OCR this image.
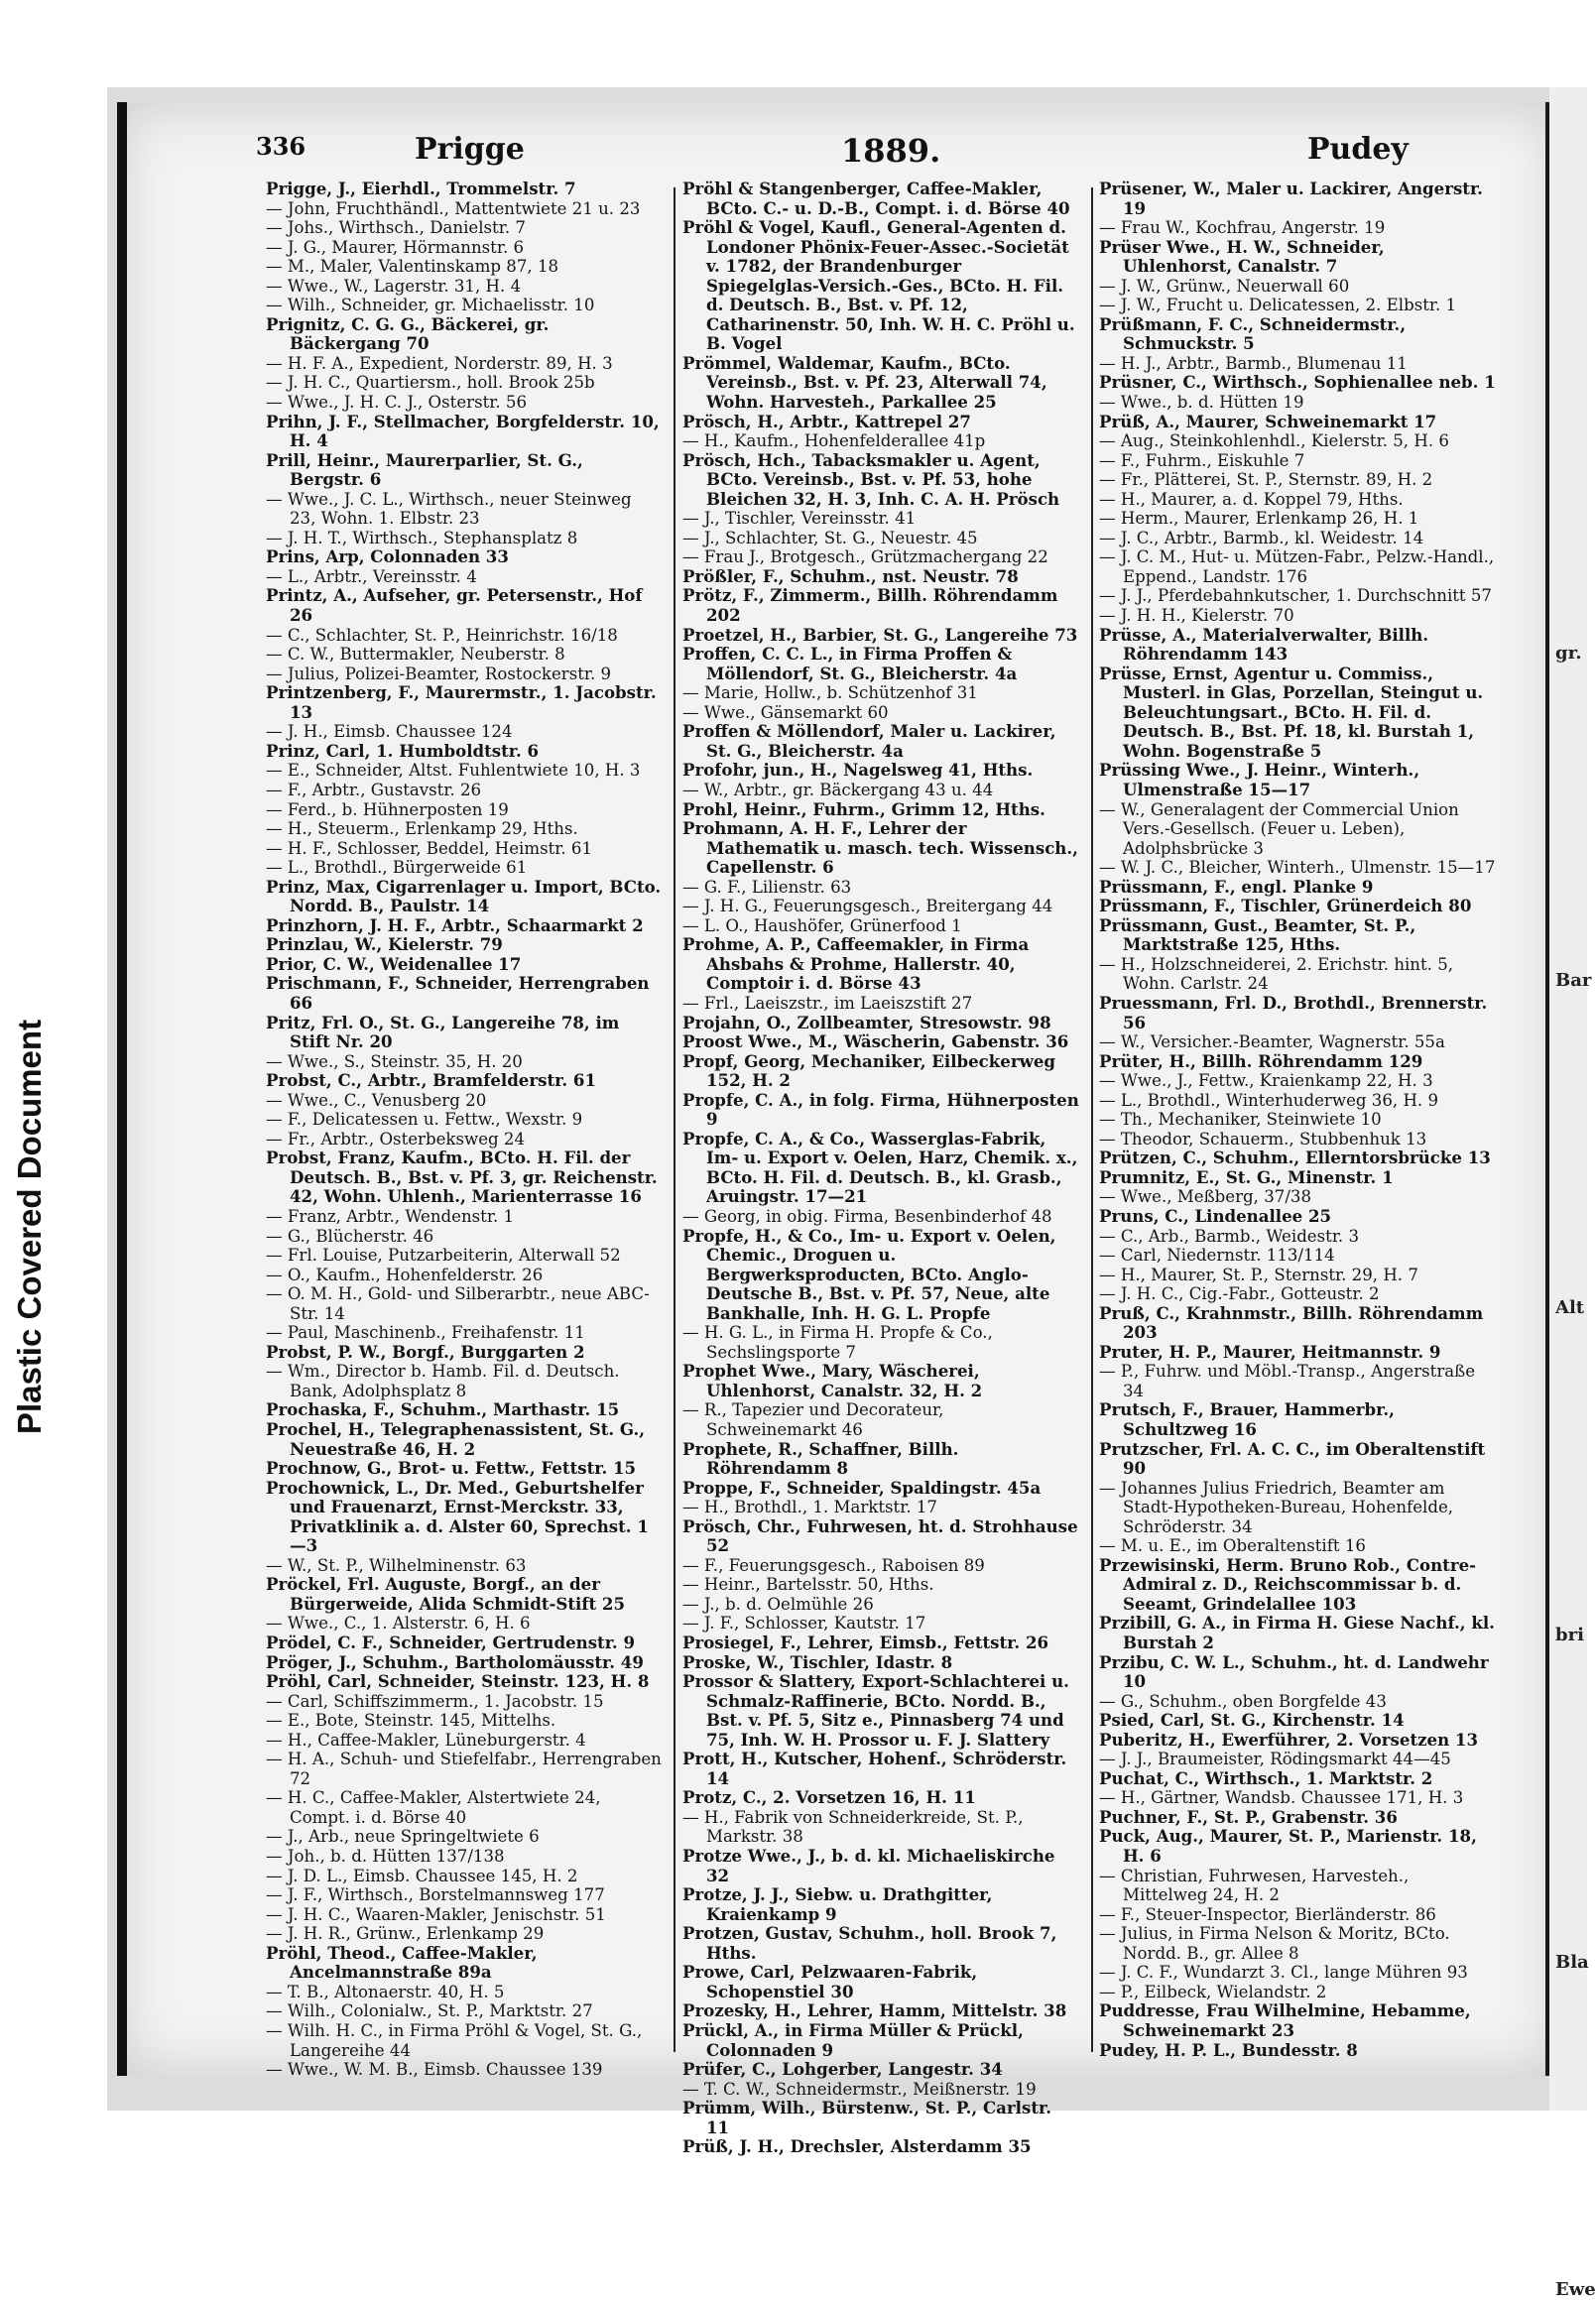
Plastic Covered Document
336	Prigge	1889.	Pudey

Prigge, J., Eierhdl., Trommelstr. 7

— John, Fruchthändl., Mattentwiete 21 u. 23

— Johs., Wirthsch., Danielstr. 7

— J. G., Maurer, Hörmannstr. 6

— M., Maler, Valentinskamp 87, 18

— Wwe., W., Lagerstr. 31, H. 4

— Wilh., Schneider, gr. Michaelisstr. 10

Prignitz, C. G. G., Bäckerei, gr. Bäckergang 70

— H. F. A., Expedient, Norderstr. 89, H. 3

— J. H. C., Quartiersm., holl. Brook 25b

— Wwe., J. H. C. J., Osterstr. 56

Prihn, J. F., Stellmacher, Borgfelderstr. 10, H. 4

Prill, Heinr., Maurerparlier, St. G., Bergstr. 6

— Wwe., J. C. L., Wirthsch., neuer Steinweg 23, Wohn. 1. Elbstr. 23

— J. H. T., Wirthsch., Stephansplatz 8

Prins, Arp, Colonnaden 33

— L., Arbtr., Vereinsstr. 4

Printz, A., Aufseher, gr. Petersenstr., Hof 26

— C., Schlachter, St. P., Heinrichstr. 16/18

— C. W., Buttermakler, Neuberstr. 8

— Julius, Polizei-Beamter, Rostockerstr. 9

Printzenberg, F., Maurermstr., 1. Jacobstr. 13

— J. H., Eimsb. Chaussee 124

Prinz, Carl, 1. Humboldtstr. 6

— E., Schneider, Altst. Fuhlentwiete 10, H. 3

— F., Arbtr., Gustavstr. 26

— Ferd., b. Hühnerposten 19

— H., Steuerm., Erlenkamp 29, Hths.

— H. F., Schlosser, Beddel, Heimstr. 61

— L., Brothdl., Bürgerweide 61

Prinz, Max, Cigarrenlager u. Import, BCto. Nordd. B., Paulstr. 14

Prinzhorn, J. H. F., Arbtr., Schaarmarkt 2

Prinzlau, W., Kielerstr. 79

Prior, C. W., Weidenallee 17

Prischmann, F., Schneider, Herrengraben 66

Pritz, Frl. O., St. G., Langereihe 78, im Stift Nr. 20

— Wwe., S., Steinstr. 35, H. 20

Probst, C., Arbtr., Bramfelderstr. 61

— Wwe., C., Venusberg 20

— F., Delicatessen u. Fettw., Wexstr. 9

— Fr., Arbtr., Osterbeksweg 24

Probst, Franz, Kaufm., BCto. H. Fil. der Deutsch. B., Bst. v. Pf. 3, gr. Reichenstr. 42, Wohn. Uhlenh., Marienterrasse 16

— Franz, Arbtr., Wendenstr. 1

— G., Blücherstr. 46

— Frl. Louise, Putzarbeiterin, Alterwall 52

— O., Kaufm., Hohenfelderstr. 26

— O. M. H., Gold- und Silberarbtr., neue ABC-Str. 14

— Paul, Maschinenb., Freihafenstr. 11

Probst, P. W., Borgf., Burggarten 2

— Wm., Director b. Hamb. Fil. d. Deutsch. Bank, Adolphsplatz 8

Prochaska, F., Schuhm., Marthastr. 15

Prochel, H., Telegraphenassistent, St. G., Neuestraße 46, H. 2

Prochnow, G., Brot- u. Fettw., Fettstr. 15

Prochownick, L., Dr. Med., Geburtshelfer und Frauenarzt, Ernst-Merckstr. 33, Privatklinik a. d. Alster 60, Sprechst. 1—3

— W., St. P., Wilhelminenstr. 63

Pröckel, Frl. Auguste, Borgf., an der Bürgerweide, Alida Schmidt-Stift 25

— Wwe., C., 1. Alsterstr. 6, H. 6

Prödel, C. F., Schneider, Gertrudenstr. 9

Pröger, J., Schuhm., Bartholomäusstr. 49

Pröhl, Carl, Schneider, Steinstr. 123, H. 8

— Carl, Schiffszimmerm., 1. Jacobstr. 15

— E., Bote, Steinstr. 145, Mittelhs.

— H., Caffee-Makler, Lüneburgerstr. 4

— H. A., Schuh- und Stiefelfabr., Herrengraben 72

— H. C., Caffee-Makler, Alstertwiete 24, Compt. i. d. Börse 40

— J., Arb., neue Springeltwiete 6

— Joh., b. d. Hütten 137/138

— J. D. L., Eimsb. Chaussee 145, H. 2

— J. F., Wirthsch., Borstelmannsweg 177

— J. H. C., Waaren-Makler, Jenischstr. 51

— J. H. R., Grünw., Erlenkamp 29

Pröhl, Theod., Caffee-Makler, Ancelmannstraße 89a

— T. B., Altonaerstr. 40, H. 5

— Wilh., Colonialw., St. P., Marktstr. 27

— Wilh. H. C., in Firma Pröhl & Vogel, St. G., Langereihe 44

— Wwe., W. M. B., Eimsb. Chaussee 139

Pröhl & Stangenberger, Caffee-Makler, BCto. C.- u. D.-B., Compt. i. d. Börse 40

Pröhl & Vogel, Kaufl., General-Agenten d. Londoner Phönix-Feuer-Assec.-Societät v. 1782, der Brandenburger Spiegelglas-Versich.-Ges., BCto. H. Fil. d. Deutsch. B., Bst. v. Pf. 12, Catharinenstr. 50, Inh. W. H. C. Pröhl u. B. Vogel

Prömmel, Waldemar, Kaufm., BCto. Vereinsb., Bst. v. Pf. 23, Alterwall 74, Wohn. Harvesteh., Parkallee 25

Prösch, H., Arbtr., Kattrepel 27

— H., Kaufm., Hohenfelderallee 41p

Prösch, Hch., Tabacksmakler u. Agent, BCto. Vereinsb., Bst. v. Pf. 53, hohe Bleichen 32, H. 3, Inh. C. A. H. Prösch

— J., Tischler, Vereinsstr. 41

— J., Schlachter, St. G., Neuestr. 45

— Frau J., Brotgesch., Grützmachergang 22

Prößler, F., Schuhm., nst. Neustr. 78

Prötz, F., Zimmerm., Billh. Röhrendamm 202

Proetzel, H., Barbier, St. G., Langereihe 73

Proffen, C. C. L., in Firma Proffen & Möllendorf, St. G., Bleicherstr. 4a

— Marie, Hollw., b. Schützenhof 31

— Wwe., Gänsemarkt 60

Proffen & Möllendorf, Maler u. Lackirer, St. G., Bleicherstr. 4a

Profohr, jun., H., Nagelsweg 41, Hths.

— W., Arbtr., gr. Bäckergang 43 u. 44

Prohl, Heinr., Fuhrm., Grimm 12, Hths.

Prohmann, A. H. F., Lehrer der Mathematik u. masch. tech. Wissensch., Capellenstr. 6

— G. F., Lilienstr. 63

— J. H. G., Feuerungsgesch., Breitergang 44

— L. O., Haushöfer, Grünerfood 1

Prohme, A. P., Caffeemakler, in Firma Ahsbahs & Prohme, Hallerstr. 40, Comptoir i. d. Börse 43

— Frl., Laeiszstr., im Laeiszstift 27

Projahn, O., Zollbeamter, Stresowstr. 98

Proost Wwe., M., Wäscherin, Gabenstr. 36

Propf, Georg, Mechaniker, Eilbeckerweg 152, H. 2

Propfe, C. A., in folg. Firma, Hühnerposten 9

Propfe, C. A., & Co., Wasserglas-Fabrik, Im- u. Export v. Oelen, Harz, Chemik. x., BCto. H. Fil. d. Deutsch. B., kl. Grasb., Aruingstr. 17—21

— Georg, in obig. Firma, Besenbinderhof 48

Propfe, H., & Co., Im- u. Export v. Oelen, Chemic., Droguen u. Bergwerksproducten, BCto. Anglo-Deutsche B., Bst. v. Pf. 57, Neue, alte Bankhalle, Inh. H. G. L. Propfe

— H. G. L., in Firma H. Propfe & Co., Sechslingsporte 7

Prophet Wwe., Mary, Wäscherei, Uhlenhorst, Canalstr. 32, H. 2

— R., Tapezier und Decorateur, Schweinemarkt 46

Prophete, R., Schaffner, Billh. Röhrendamm 8

Proppe, F., Schneider, Spaldingstr. 45a

— H., Brothdl., 1. Marktstr. 17

Prösch, Chr., Fuhrwesen, ht. d. Strohhause 52

— F., Feuerungsgesch., Raboisen 89

— Heinr., Bartelsstr. 50, Hths.

— J., b. d. Oelmühle 26

— J. F., Schlosser, Kautstr. 17

Prosiegel, F., Lehrer, Eimsb., Fettstr. 26

Proske, W., Tischler, Idastr. 8

Prossor & Slattery, Export-Schlachterei u. Schmalz-Raffinerie, BCto. Nordd. B., Bst. v. Pf. 5, Sitz e., Pinnasberg 74 und 75, Inh. W. H. Prossor u. F. J. Slattery

Prott, H., Kutscher, Hohenf., Schröderstr. 14

Protz, C., 2. Vorsetzen 16, H. 11

— H., Fabrik von Schneiderkreide, St. P., Markstr. 38

Protze Wwe., J., b. d. kl. Michaeliskirche 32

Protze, J. J., Siebw. u. Drathgitter, Kraienkamp 9

Protzen, Gustav, Schuhm., holl. Brook 7, Hths.

Prowe, Carl, Pelzwaaren-Fabrik, Schopenstiel 30

Prozesky, H., Lehrer, Hamm, Mittelstr. 38

Prückl, A., in Firma Müller & Prückl, Colonnaden 9

Prüfer, C., Lohgerber, Langestr. 34

— T. C. W., Schneidermstr., Meißnerstr. 19

Prümm, Wilh., Bürstenw., St. P., Carlstr. 11

Prüß, J. H., Drechsler, Alsterdamm 35

Prüsener, W., Maler u. Lackirer, Angerstr. 19

— Frau W., Kochfrau, Angerstr. 19

Prüser Wwe., H. W., Schneider, Uhlenhorst, Canalstr. 7

— J. W., Grünw., Neuerwall 60

— J. W., Frucht u. Delicatessen, 2. Elbstr. 1

Prüßmann, F. C., Schneidermstr., Schmuckstr. 5

— H. J., Arbtr., Barmb., Blumenau 11

Prüsner, C., Wirthsch., Sophienallee neb. 1

— Wwe., b. d. Hütten 19

Prüß, A., Maurer, Schweinemarkt 17

— Aug., Steinkohlenhdl., Kielerstr. 5, H. 6

— F., Fuhrm., Eiskuhle 7

— Fr., Plätterei, St. P., Sternstr. 89, H. 2

— H., Maurer, a. d. Koppel 79, Hths.

— Herm., Maurer, Erlenkamp 26, H. 1

— J. C., Arbtr., Barmb., kl. Weidestr. 14

— J. C. M., Hut- u. Mützen-Fabr., Pelzw.-Handl., Eppend., Landstr. 176

— J. J., Pferdebahnkutscher, 1. Durchschnitt 57

— J. H. H., Kielerstr. 70

Prüsse, A., Materialverwalter, Billh. Röhrendamm 143

Prüsse, Ernst, Agentur u. Commiss., Musterl. in Glas, Porzellan, Steingut u. Beleuchtungsart., BCto. H. Fil. d. Deutsch. B., Bst. Pf. 18, kl. Burstah 1, Wohn. Bogenstraße 5

Prüssing Wwe., J. Heinr., Winterh., Ulmenstraße 15—17

— W., Generalagent der Commercial Union Vers.-Gesellsch. (Feuer u. Leben), Adolphsbrücke 3

— W. J. C., Bleicher, Winterh., Ulmenstr. 15—17

Prüssmann, F., engl. Planke 9

Prüssmann, F., Tischler, Grünerdeich 80

Prüssmann, Gust., Beamter, St. P., Marktstraße 125, Hths.

— H., Holzschneiderei, 2. Erichstr. hint. 5, Wohn. Carlstr. 24

Pruessmann, Frl. D., Brothdl., Brennerstr. 56

— W., Versicher.-Beamter, Wagnerstr. 55a

Prüter, H., Billh. Röhrendamm 129

— Wwe., J., Fettw., Kraienkamp 22, H. 3

— L., Brothdl., Winterhuderweg 36, H. 9

— Th., Mechaniker, Steinwiete 10

— Theodor, Schauerm., Stubbenhuk 13

Prützen, C., Schuhm., Ellerntorsbrücke 13

Prumnitz, E., St. G., Minenstr. 1

— Wwe., Meßberg, 37/38

Pruns, C., Lindenallee 25

— C., Arb., Barmb., Weidestr. 3

— Carl, Niedernstr. 113/114

— H., Maurer, St. P., Sternstr. 29, H. 7

— J. H. C., Cig.-Fabr., Gotteustr. 2

Pruß, C., Krahnmstr., Billh. Röhrendamm 203

Pruter, H. P., Maurer, Heitmannstr. 9

— P., Fuhrw. und Möbl.-Transp., Angerstraße 34

Prutsch, F., Brauer, Hammerbr., Schultzweg 16

Prutzscher, Frl. A. C. C., im Oberaltenstift 90

— Johannes Julius Friedrich, Beamter am Stadt-Hypotheken-Bureau, Hohenfelde, Schröderstr. 34

— M. u. E., im Oberaltenstift 16

Przewisinski, Herm. Bruno Rob., Contre-Admiral z. D., Reichscommissar b. d. Seeamt, Grindelallee 103

Przibill, G. A., in Firma H. Giese Nachf., kl. Burstah 2

Przibu, C. W. L., Schuhm., ht. d. Landwehr 10

— G., Schuhm., oben Borgfelde 43

Psied, Carl, St. G., Kirchenstr. 14

Puberitz, H., Ewerführer, 2. Vorsetzen 13

— J. J., Braumeister, Rödingsmarkt 44—45

Puchat, C., Wirthsch., 1. Marktstr. 2

— H., Gärtner, Wandsb. Chaussee 171, H. 3

Puchner, F., St. P., Grabenstr. 36

Puck, Aug., Maurer, St. P., Marienstr. 18, H. 6

— Christian, Fuhrwesen, Harvesteh., Mittelweg 24, H. 2

— F., Steuer-Inspector, Bierländerstr. 86

— Julius, in Firma Nelson & Moritz, BCto. Nordd. B., gr. Allee 8

— J. C. F., Wundarzt 3. Cl., lange Mühren 93

— P., Eilbeck, Wielandstr. 2

Puddresse, Frau Wilhelmine, Hebamme, Schweinemarkt 23

Pudey, H. P. L., Bundesstr. 8

gr.
Bar
Alt
bri
Bla
Ewe
